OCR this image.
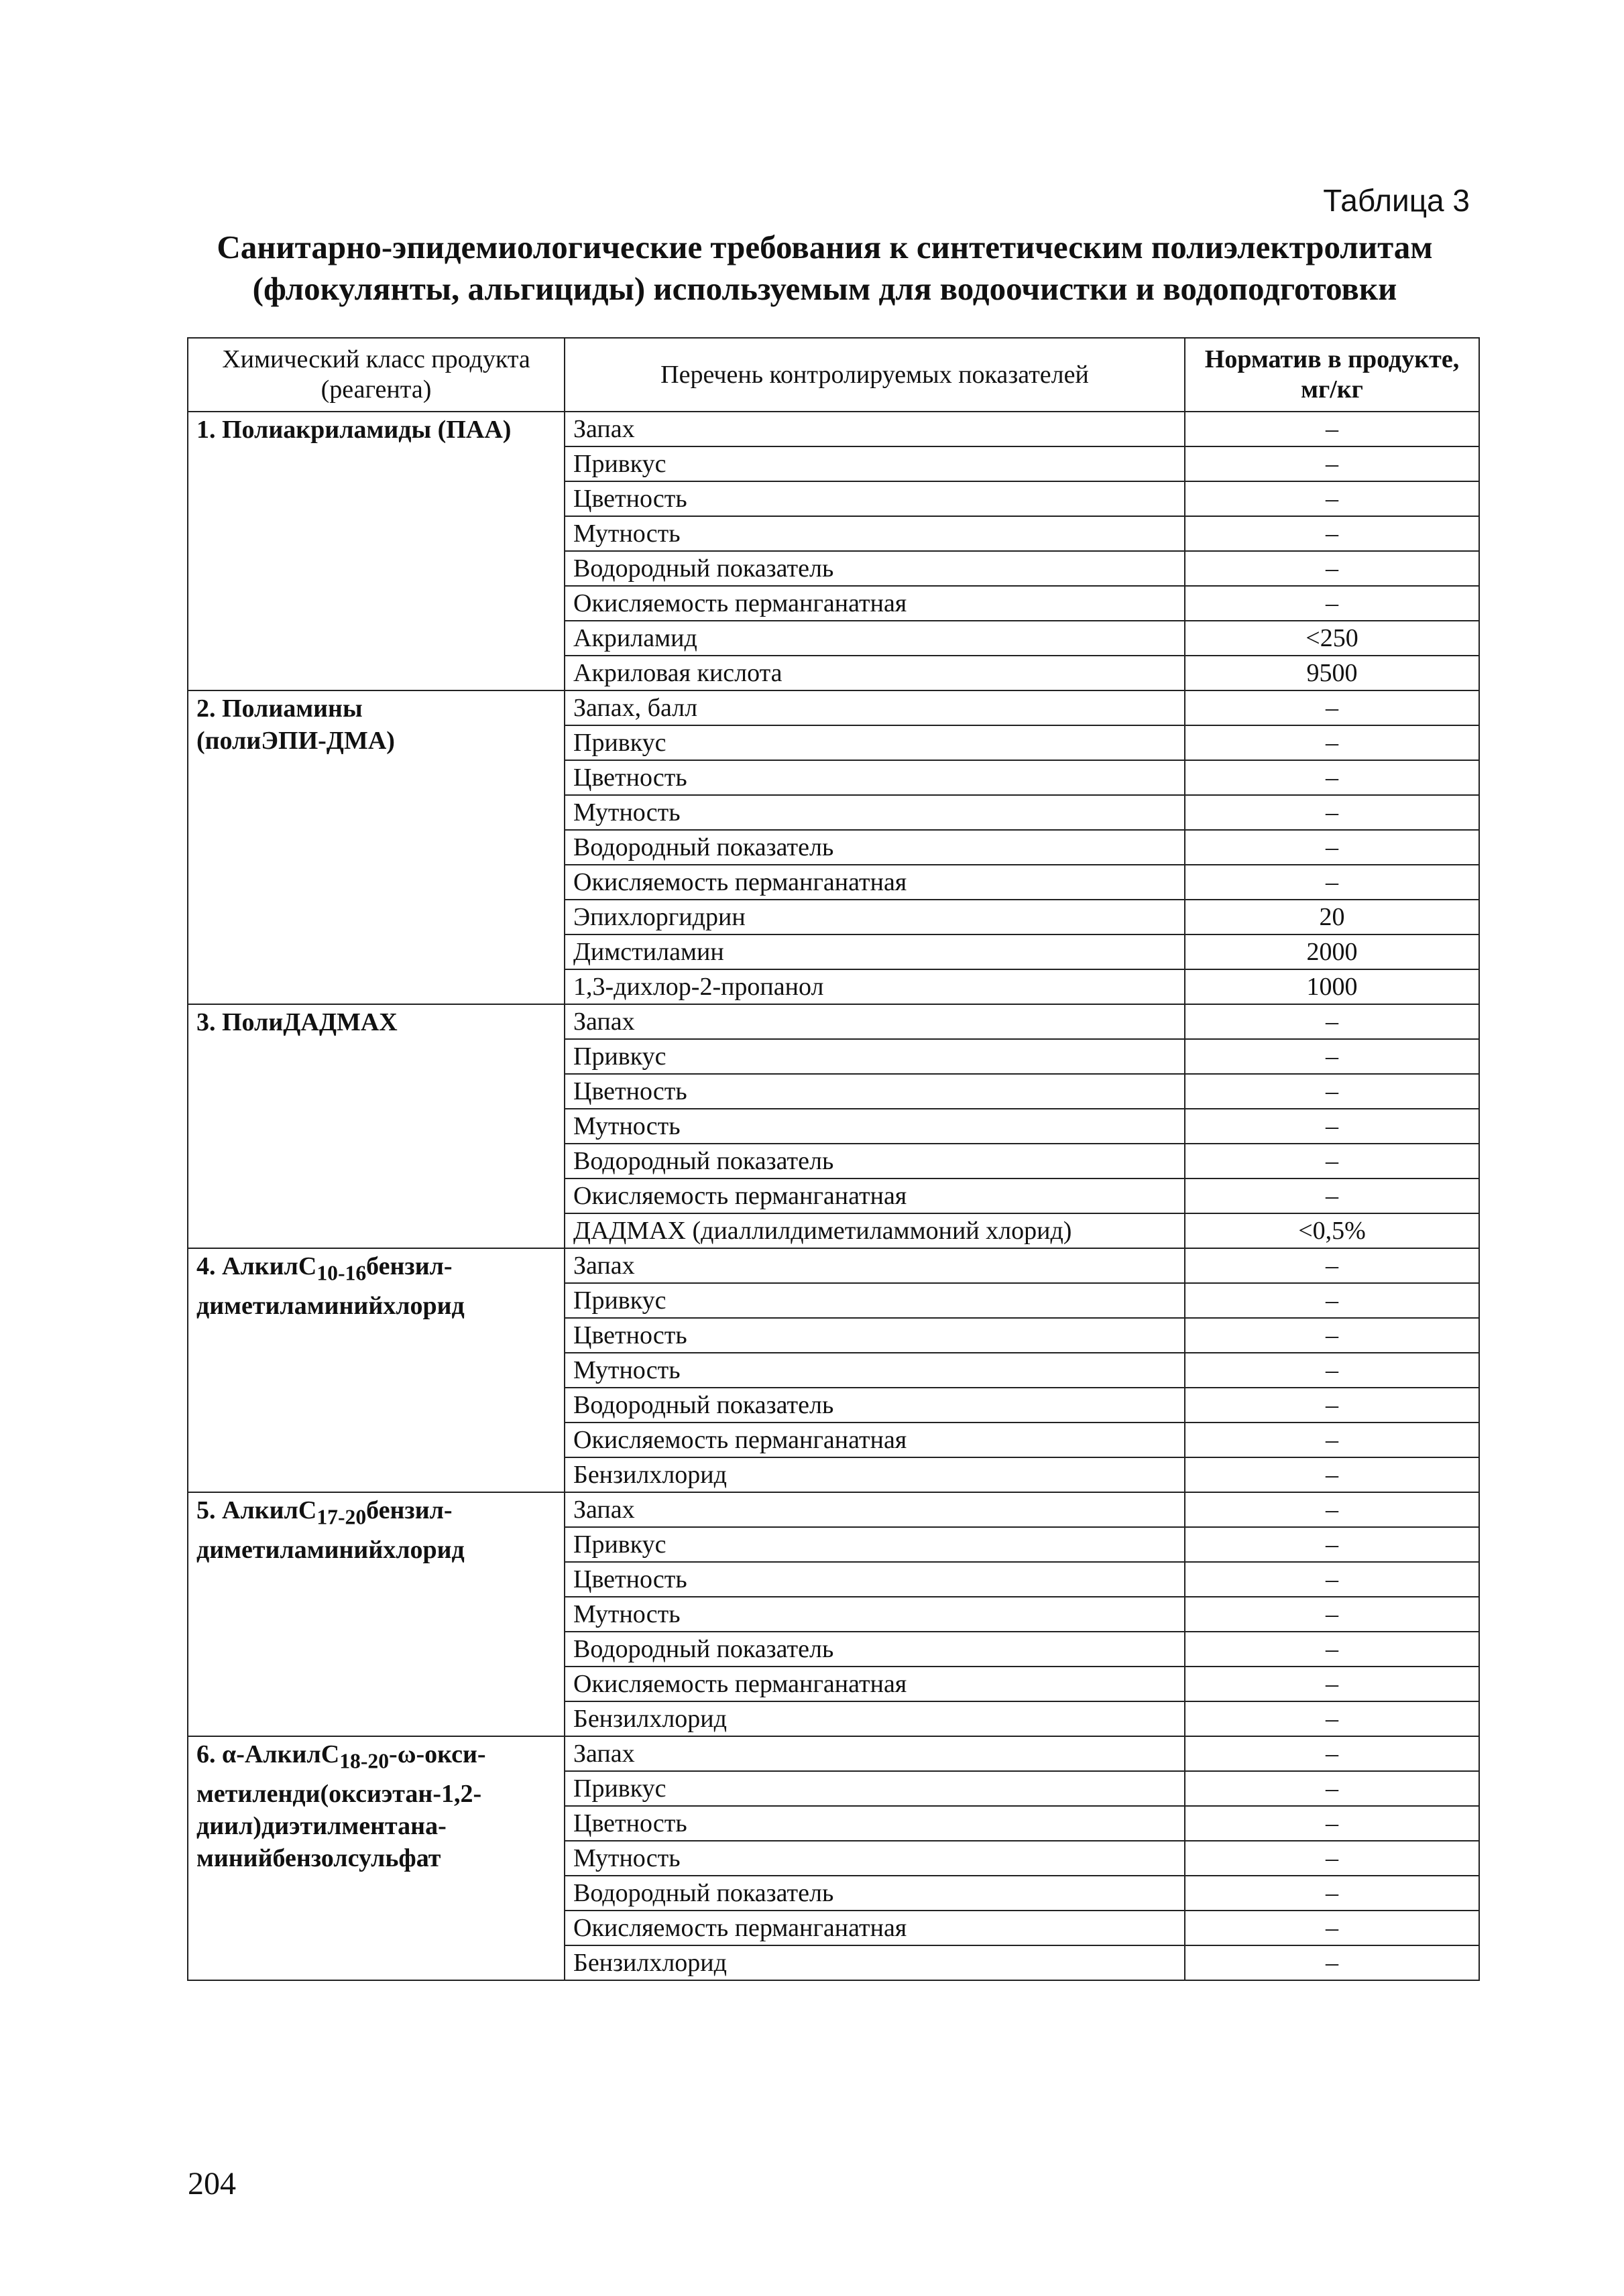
Таблица 3
Санитарно-эпидемиологические требования к синтетическим полиэлектролитам
(флокулянты, альгициды) используемым для водоочистки и водоподготовки
Химический класс продукта (реагента)	Перечень контролируемых показателей	Норматив в продукте, мг/кг
1. Полиакриламиды (ПАА)	Запах	–
	Привкус	–
	Цветность	–
	Мутность	–
	Водородный показатель	–
	Окисляемость перманганатная	–
	Акриламид	<250
	Акриловая кислота	9500
2. Полиамины
(полиЭПИ-ДМА)	Запах, балл	–
	Привкус	–
	Цветность	–
	Мутность	–
	Водородный показатель	–
	Окисляемость перманганатная	–
	Эпихлоргидрин	20
	Димстиламин	2000
	1,3-дихлор-2-пропанол	1000
3. ПолиДАДМАХ	Запах	–
	Привкус	–
	Цветность	–
	Мутность	–
	Водородный показатель	–
	Окисляемость перманганатная	–
	ДАДМАХ (диаллилдиметиламмоний хлорид)	<0,5%
4. АлкилС$_{10-16}$бензил-
диметиламинийхлорид	Запах	–
	Привкус	–
	Цветность	–
	Мутность	–
	Водородный показатель	–
	Окисляемость перманганатная	–
	Бензилхлорид	–
5. АлкилС$_{17-20}$бензил-
диметиламинийхлорид	Запах	–
	Привкус	–
	Цветность	–
	Мутность	–
	Водородный показатель	–
	Окисляемость перманганатная	–
	Бензилхлорид	–
6. α-АлкилС$_{18-20}$-ω-окси-
метиленди(оксиэтан-1,2-
диил)диэтилментана-
минийбензолсульфат	Запах	–
	Привкус	–
	Цветность	–
	Мутность	–
	Водородный показатель	–
	Окисляемость перманганатная	–
	Бензилхлорид	–
204
